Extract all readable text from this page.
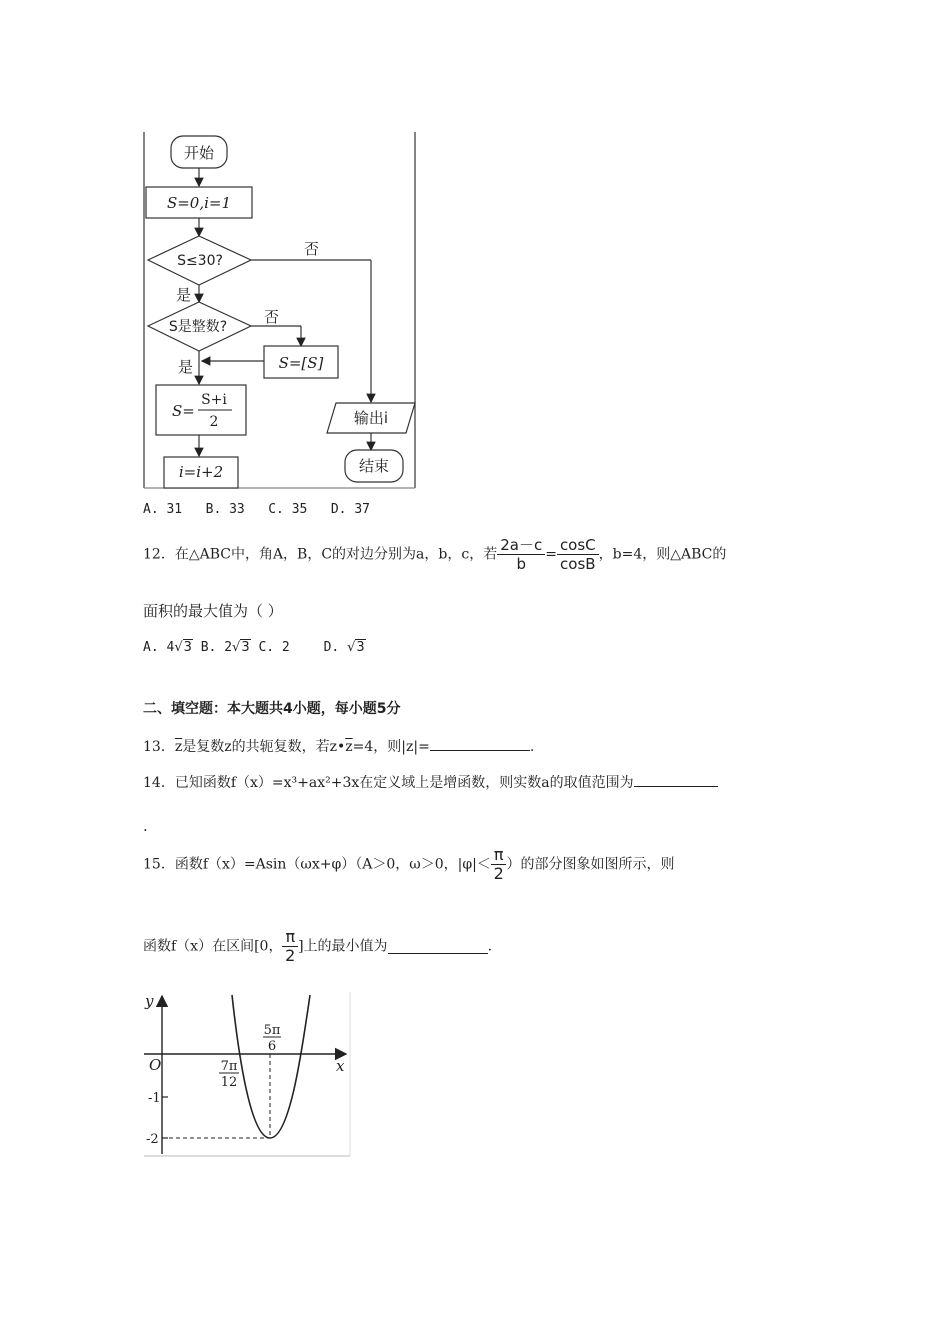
开始
S=0,i=1
S≤30?
否
是
S是整数?
否
S=[S]
是
S=
S+i
2
i=i+2
输出i
结束
A. 31   B. 33   C. 35   D. 37
12．在△ABC中，角A，B，C的对边分别为a，b，c，若 $\frac{2a-c}{b} = \frac{\cos C}{\cos B}$ ，b=4，则△ABC的
面积的最大值为（ ）
A. 4√3 B. 2√3 C. 2	D. √3
二、填空题：本大题共4小题，每小题5分
13．$\overline{z}$是复数z的共轭复数，若$z•\overline{z}=4$，则|z|=	.
14．已知函数f（x）=x³+ax²+3x在定义域上是增函数，则实数a的取值范围为
.
15．函数f（x）=Asin（ωx+φ）（A＞0，ω＞0，$|\varphi|< \frac{\pi}{2}$ ）的部分图象如图所示，则
函数f（x）在区间[0， $\frac{\pi}{2}$ ]上的最小值为	.
y
x
O
-1
-2
7π
12
5π
6
